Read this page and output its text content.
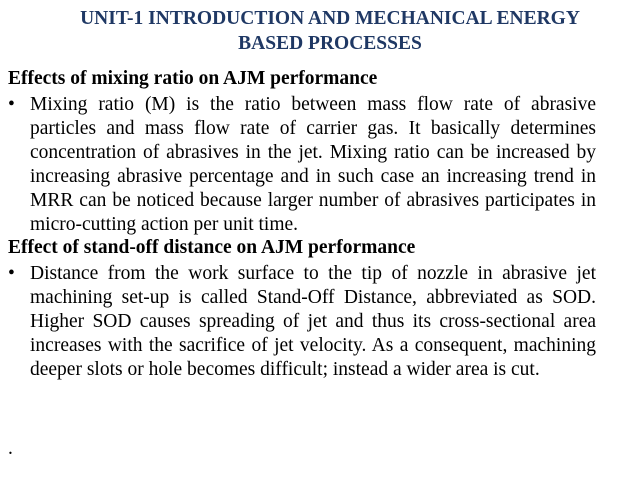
UNIT-1 INTRODUCTION AND MECHANICAL ENERGY
BASED PROCESSES
Effects of mixing ratio on AJM performance
• Mixing ratio (M) is the ratio between mass flow rate of abrasive particles and mass flow rate of carrier gas. It basically determines concentration of abrasives in the jet. Mixing ratio can be increased by increasing abrasive percentage and in such case an increasing trend in MRR can be noticed because larger number of abrasives participates in micro-cutting action per unit time.
Effect of stand-off distance on AJM performance
• Distance from the work surface to the tip of nozzle in abrasive jet machining set-up is called Stand-Off Distance, abbreviated as SOD. Higher SOD causes spreading of jet and thus its cross-sectional area increases with the sacrifice of jet velocity. As a consequent, machining deeper slots or hole becomes difficult; instead a wider area is cut.
.
